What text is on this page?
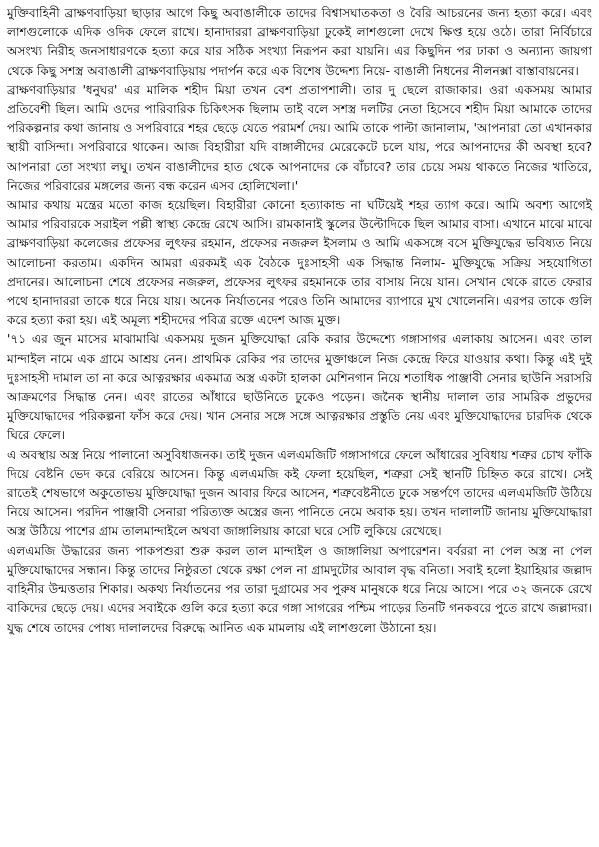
মুক্তিবাহিনী ব্রাক্ষণবাড়িয়া ছাড়ার আগে কিছু অবাঙালীকে তাদের বিশ্বাসঘাতকতা ও বৈরি আচরনের জন্য হত্যা করে। এবং লাশগুলোকে এদিক ওদিক ফেলে রাখে। হানাদাররা ব্রাক্ষণবাড়িয়া ঢুকেই লাশগুলো দেখে ক্ষিপ্ত হয়ে ওঠে। তারা নির্বিচারে অসংখ্য নিরীহ জনসাধারণকে হত্যা করে যার সঠিক সংখ্যা নিরূপন করা যায়নি। এর কিছুদিন পর ঢাকা ও অন্যান্য জায়গা থেকে কিছু সশস্ত্র অবাঙালী ব্রাক্ষণবাড়িয়ায় পদার্পন করে এক বিশেষ উদ্দেশ্য নিয়ে- বাঙালী নিধনের নীলনক্সা বাস্তাবায়নের।

ব্রাক্ষণবাড়িয়ার 'ধনুঘর' এর মালিক শহীদ মিয়া তখন বেশ প্রতাপশালী। তার দু ছেলে রাজাকার। ওরা একসময় আমার প্রতিবেশী ছিল। আমি ওদের পারিবারিক চিকিৎসক ছিলাম তাই বলে সশস্ত্র দলটির নেতা হিসেবে শহীদ মিয়া আমাকে তাদের পরিকল্পনার কথা জানায় ও সপরিবারে শহর ছেড়ে যেতে পরামর্শ দেয়। আমি তাকে পাল্টা জানালাম, 'আপনারা তো এখানকার স্থায়ী বাসিন্দা। সপরিবারে থাকেন। আজ বিহারীরা যদি বাঙ্গালীদের মেরেকেটে চলে যায়, পরে আপনাদের কী অবস্থা হবে? আপনারা তো সংখ্যা লঘু। তখন বাঙালীদের হাত থেকে আপনাদের কে বাঁচাবে? তার চেয়ে সময় থাকতে নিজের খাতিরে, নিজের পরিবারের মঙ্গলের জন্য বন্ধ করেন এসব হোলিখেলা।'

আমার কথায় মন্ত্রের মতো কাজ হয়েছিল। বিহারীরা কোনো হত্যাকান্ড না ঘটিয়েই শহর ত্যাগ করে। আমি অবশ্য আগেই আমার পরিবারকে সরাইল পল্লী স্বাস্থ্য কেন্দ্রে রেখে আসি। রামকানাই স্কুলের উল্টোদিকে ছিল আমার বাসা। এখানে মাঝে মাঝে ব্রাক্ষণবাড়িয়া কলেজের প্রফেসর লুৎফর রহমান, প্রফেসর নজরুল ইসলাম ও আমি একসঙ্গে বসে মুক্তিযুদ্ধের ভবিষ্যত নিয়ে আলোচনা করতাম। একদিন আমরা এরকমই এক বৈঠকে দুঃসাহসী এক সিদ্ধান্ত নিলাম- মুক্তিযুদ্ধে সক্রিয় সহযোগিতা প্রদানের। আলোচনা শেষে প্রফেসর নজরুল, প্রফেসর লুৎফর রহমানকে তার বাসায় নিয়ে যান। সেখান থেকে রাতে ফেরার পথে হানাদাররা তাকে ধরে নিয়ে যায়। অনেক নির্যাতনের পরেও তিনি আমাদের ব্যাপারে মুখ খোলেননি। এরপর তাকে গুলি করে হত্যা করা হয়। এই অমূল্য শহীদদের পবিত্র রক্তে এদেশ আজ মুক্ত।

'৭১ এর জুন মাসের মাঝামাঝি একসময় দুজন মুক্তিযোদ্ধা রেকি করার উদ্দেশ্যে গঙ্গাসাগর এলাকায় আসেন। এবং তাল মান্দাইল নামে এক গ্রামে আশ্রয় নেন। প্রাথমিক রেকির পর তাদের মুক্তাঞ্চলে নিজ কেন্দ্রে ফিরে যাওয়ার কথা। কিন্তু এই দুই দুঃসাহসী দামাল তা না করে আত্নরক্ষার একমাত্র অস্ত্র একটা হালকা মেশিনগান নিয়ে শতাধিক পাঞ্জাবী সেনার ছাউনি সরাসরি আক্রমণের সিদ্ধান্ত নেন। এবং রাতের আঁধারে ছাউনিতে ঢুকেও পড়েন। জনৈক স্থানীয় দালাল তার সামরিক প্রভুদের মুক্তিযোদ্ধাদের পরিকল্পনা ফাঁস করে দেয়। খান সেনার সঙ্গে সঙ্গে আত্নরক্ষার প্রস্তুতি নেয় এবং মুক্তিযোদ্ধাদের চারদিক থেকে ঘিরে ফেলে।

এ অবস্থায় অস্ত্র নিয়ে পালানো অসুবিধাজনক। তাই দুজন এলএমজিটি গঙ্গাসাগরে ফেলে আঁধারের সুবিধায় শত্রুর চোখ ফাঁকি দিয়ে বেষ্টনি ভেদ করে বেরিয়ে আসেন। কিন্তু এলএমজি কই ফেলা হয়েছিল, শত্রুরা সেই স্থানটি চিহ্নিত করে রাখে। সেই রাতেই শেষভাগে অকুতোভয় মুক্তিযোদ্ধা দুজন আবার ফিরে আসেন, শত্রুবেষ্টনীতে ঢুকে সন্তর্পণে তাদের এলএমজিটি উঠিয়ে নিয়ে আসেন। পরদিন পাঞ্জাবী সেনারা পরিত্যক্ত অস্ত্রের জন্য পানিতে নেমে অবাক হয়। তখন দালালটি জানায় মুক্তিযোদ্ধারা অস্ত্র উঠিয়ে পাশের গ্রাম তালমান্দাইলে অথবা জাঙ্গালিয়ায় কারো ঘরে সেটি লুকিয়ে রেখেছে।

এলএমজি উদ্ধারের জন্য পাকপশুরা শুরু করল তাল মান্দাইল ও জাঙ্গালিয়া অপারেশন। বর্বররা না পেল অস্ত্র না পেল মুক্তিযোদ্ধাদের সন্ধান। কিন্তু তাদের নিষ্ঠুরতা থেকে রক্ষা পেল না গ্রামদুটোর আবাল বৃদ্ধ বনিতা। সবাই হলো ইয়াহিয়ার জল্লাদ বাহিনীর উন্মত্ততার শিকার। অকথ্য নির্যাতনের পর তারা দুগ্রামের সব পুরুষ মানুষকে ধরে নিয়ে আসে। পরে ৩২ জনকে রেখে বাকিদের ছেড়ে দেয়। এদের সবাইকে গুলি করে হত্যা করে গঙ্গা সাগরের পশ্চিম পাড়ের তিনটি গনকবরে পুতে রাখে জল্লাদরা। যুদ্ধ শেষে তাদের পোষ্য দালালদের বিরুদ্ধে আনিত এক মামলায় এই লাশগুলো উঠানো হয়।
